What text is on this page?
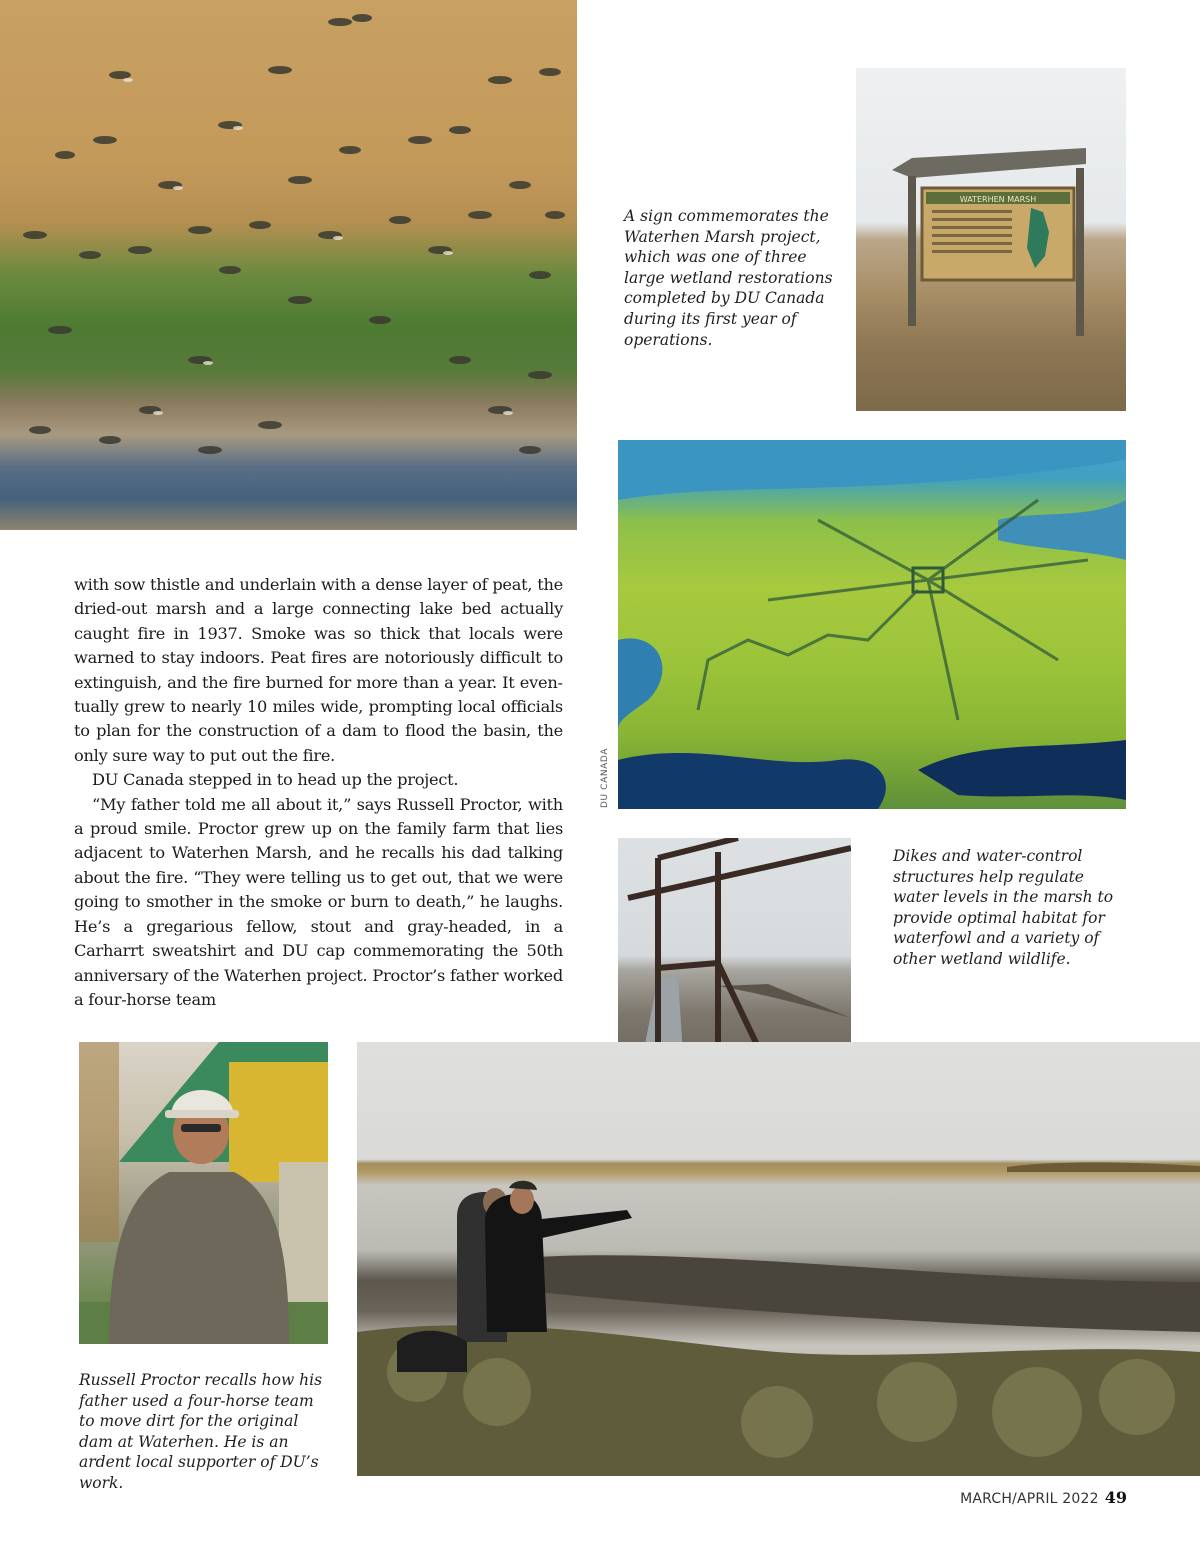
A sign commemorates the Waterhen Marsh project, which was one of three large wetland restorations completed by DU Canada during its first year of operations.

WATERHEN MARSH
DU CANADA

with sow thistle and underlain with a dense layer of peat, the dried-out marsh and a large connecting lake bed actually caught fire in 1937. Smoke was so thick that locals were warned to stay indoors. Peat fires are notoriously difficult to extinguish, and the fire burned for more than a year. It eventually grew to nearly 10 miles wide, prompting local officials to plan for the construction of a dam to flood the basin, the only sure way to put out the fire.

DU Canada stepped in to head up the project.

“My father told me all about it,” says Russell Proctor, with a proud smile. Proctor grew up on the family farm that lies adjacent to Waterhen Marsh, and he recalls his dad talking about the fire. “They were telling us to get out, that we were going to smother in the smoke or burn to death,” he laughs. He’s a gregarious fellow, stout and gray-headed, in a Carharrt sweatshirt and DU cap commemorating the 50th anniversary of the Waterhen project. Proctor’s father worked a four-horse team

Dikes and water-control structures help regulate water levels in the marsh to provide optimal habitat for waterfowl and a variety of other wetland wildlife.

Russell Proctor recalls how his father used a four-horse team to move dirt for the original dam at Waterhen. He is an ardent local supporter of DU’s work.

MARCH/APRIL 2022 49
